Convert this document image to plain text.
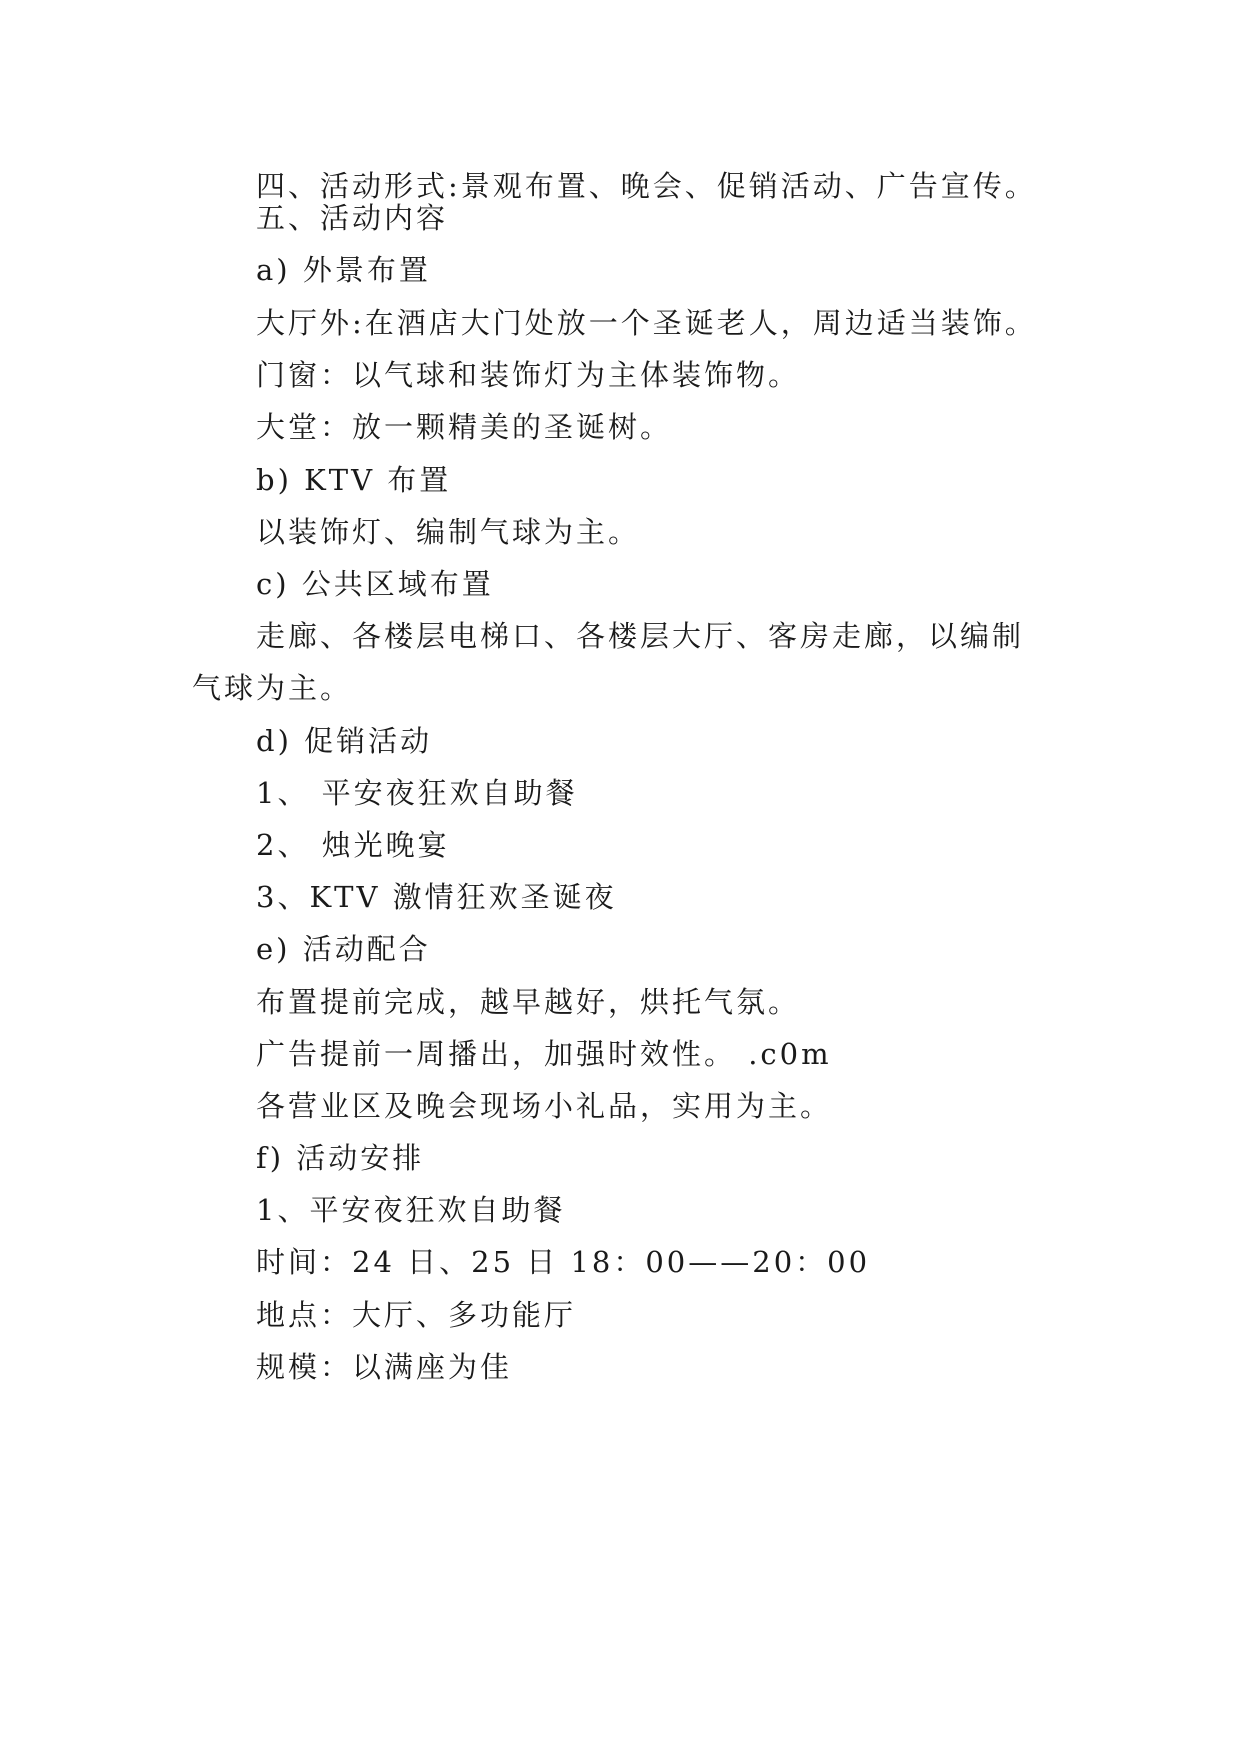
四、活动形式:景观布置、晚会、促销活动、广告宣传。
五、活动内容
a) 外景布置
大厅外:在酒店大门处放一个圣诞老人，周边适当装饰。
门窗：以气球和装饰灯为主体装饰物。
大堂：放一颗精美的圣诞树。
b) KTV 布置
以装饰灯、编制气球为主。
c) 公共区域布置
走廊、各楼层电梯口、各楼层大厅、客房走廊，以编制
气球为主。
d) 促销活动
1、 平安夜狂欢自助餐
2、 烛光晚宴
3、KTV 激情狂欢圣诞夜
e) 活动配合
布置提前完成，越早越好，烘托气氛。
广告提前一周播出，加强时效性。 .c0m
各营业区及晚会现场小礼品，实用为主。
f) 活动安排
1、平安夜狂欢自助餐
时间：24 日、25 日 18：00——20：00
地点：大厅、多功能厅
规模：以满座为佳
